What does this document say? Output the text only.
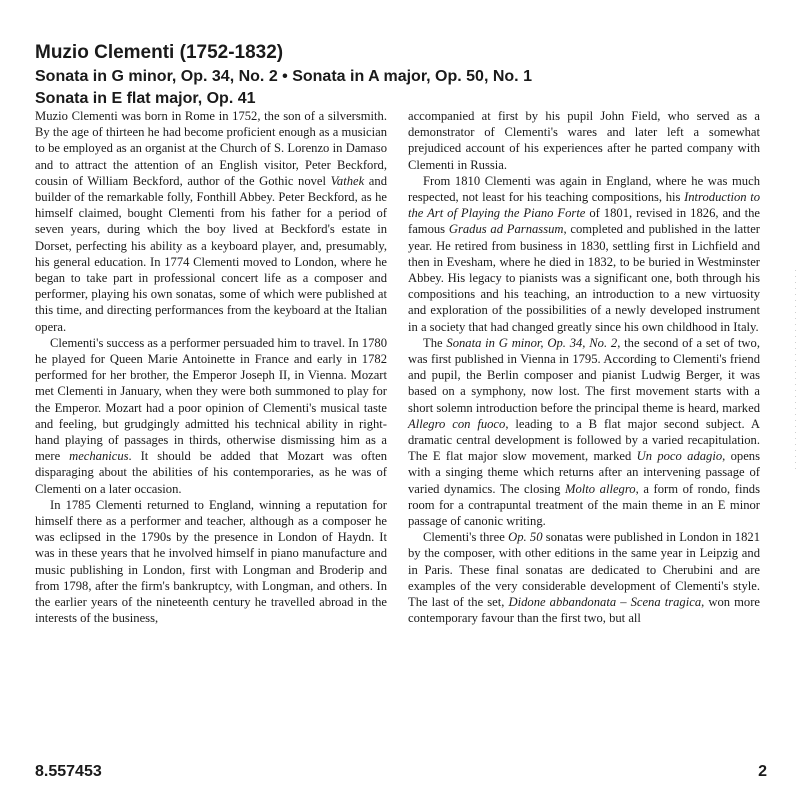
Muzio Clementi (1752-1832)
Sonata in G minor, Op. 34, No. 2 • Sonata in A major, Op. 50, No. 1
Sonata in E flat major, Op. 41

Muzio Clementi was born in Rome in 1752, the son of a silversmith. By the age of thirteen he had become proficient enough as a musician to be employed as an organist at the Church of S. Lorenzo in Damaso and to attract the attention of an English visitor, Peter Beckford, cousin of William Beckford, author of the Gothic novel Vathek and builder of the remarkable folly, Fonthill Abbey. Peter Beckford, as he himself claimed, bought Clementi from his father for a period of seven years, during which the boy lived at Beckford's estate in Dorset, perfecting his ability as a keyboard player, and, presumably, his general education. In 1774 Clementi moved to London, where he began to take part in professional concert life as a composer and performer, playing his own sonatas, some of which were published at this time, and directing performances from the keyboard at the Italian opera.

Clementi's success as a performer persuaded him to travel. In 1780 he played for Queen Marie Antoinette in France and early in 1782 performed for her brother, the Emperor Joseph II, in Vienna. Mozart met Clementi in January, when they were both summoned to play for the Emperor. Mozart had a poor opinion of Clementi's musical taste and feeling, but grudgingly admitted his technical ability in right-hand playing of passages in thirds, otherwise dismissing him as a mere mechanicus. It should be added that Mozart was often disparaging about the abilities of his contemporaries, as he was of Clementi on a later occasion.

In 1785 Clementi returned to England, winning a reputation for himself there as a performer and teacher, although as a composer he was eclipsed in the 1790s by the presence in London of Haydn. It was in these years that he involved himself in piano manufacture and music publishing in London, first with Longman and Broderip and from 1798, after the firm's bankruptcy, with Longman, and others. In the earlier years of the nineteenth century he travelled abroad in the interests of the business,

accompanied at first by his pupil John Field, who served as a demonstrator of Clementi's wares and later left a somewhat prejudiced account of his experiences after he parted company with Clementi in Russia.

From 1810 Clementi was again in England, where he was much respected, not least for his teaching compositions, his Introduction to the Art of Playing the Piano Forte of 1801, revised in 1826, and the famous Gradus ad Parnassum, completed and published in the latter year. He retired from business in 1830, settling first in Lichfield and then in Evesham, where he died in 1832, to be buried in Westminster Abbey. His legacy to pianists was a significant one, both through his compositions and his teaching, an introduction to a new virtuosity and exploration of the possibilities of a newly developed instrument in a society that had changed greatly since his own childhood in Italy.

The Sonata in G minor, Op. 34, No. 2, the second of a set of two, was first published in Vienna in 1795. According to Clementi's friend and pupil, the Berlin composer and pianist Ludwig Berger, it was based on a symphony, now lost. The first movement starts with a short solemn introduction before the principal theme is heard, marked Allegro con fuoco, leading to a B flat major second subject. A dramatic central development is followed by a varied recapitulation. The E flat major slow movement, marked Un poco adagio, opens with a singing theme which returns after an intervening passage of varied dynamics. The closing Molto allegro, a form of rondo, finds room for a contrapuntal treatment of the main theme in an E minor passage of canonic writing.

Clementi's three Op. 50 sonatas were published in London in 1821 by the composer, with other editions in the same year in Leipzig and in Paris. These final sonatas are dedicated to Cherubini and are examples of the very considerable development of Clementi's style. The last of the set, Didone abbandonata – Scena tragica, won more contemporary favour than the first two, but all

8.557453	2
